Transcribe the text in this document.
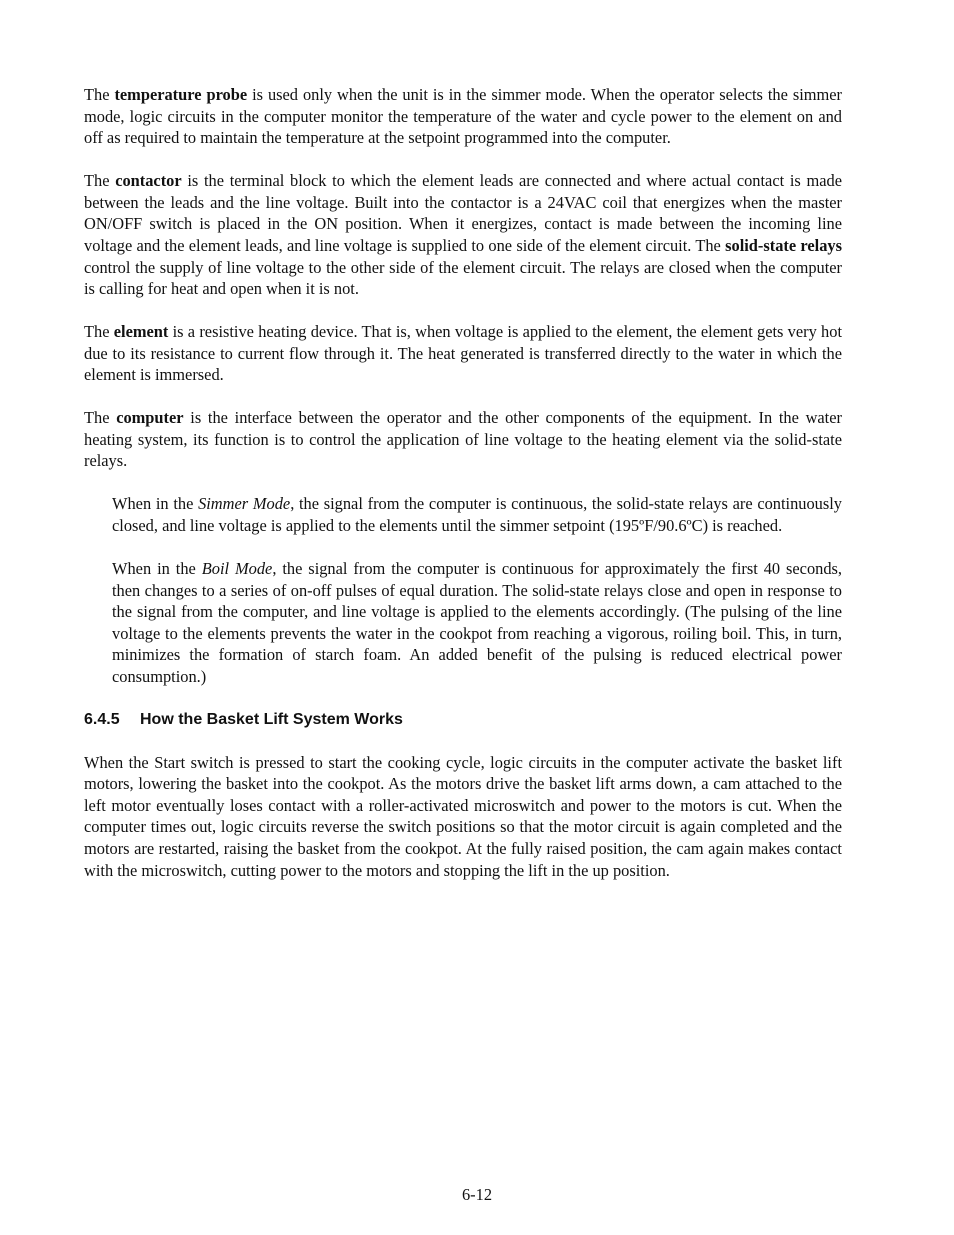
The temperature probe is used only when the unit is in the simmer mode. When the operator selects the simmer mode, logic circuits in the computer monitor the temperature of the water and cycle power to the element on and off as required to maintain the temperature at the setpoint programmed into the computer.

The contactor is the terminal block to which the element leads are connected and where actual contact is made between the leads and the line voltage. Built into the contactor is a 24VAC coil that energizes when the master ON/OFF switch is placed in the ON position. When it energizes, contact is made between the incoming line voltage and the element leads, and line voltage is supplied to one side of the element circuit. The solid-state relays control the supply of line voltage to the other side of the element circuit. The relays are closed when the computer is calling for heat and open when it is not.

The element is a resistive heating device. That is, when voltage is applied to the element, the element gets very hot due to its resistance to current flow through it. The heat generated is transferred directly to the water in which the element is immersed.

The computer is the interface between the operator and the other components of the equipment. In the water heating system, its function is to control the application of line voltage to the heating element via the solid-state relays.

When in the Simmer Mode, the signal from the computer is continuous, the solid-state relays are continuously closed, and line voltage is applied to the elements until the simmer setpoint (195ºF/90.6ºC) is reached.

When in the Boil Mode, the signal from the computer is continuous for approximately the first 40 seconds, then changes to a series of on-off pulses of equal duration. The solid-state relays close and open in response to the signal from the computer, and line voltage is applied to the elements accordingly. (The pulsing of the line voltage to the elements prevents the water in the cookpot from reaching a vigorous, roiling boil. This, in turn, minimizes the formation of starch foam. An added benefit of the pulsing is reduced electrical power consumption.)

6.4.5 How the Basket Lift System Works

When the Start switch is pressed to start the cooking cycle, logic circuits in the computer activate the basket lift motors, lowering the basket into the cookpot. As the motors drive the basket lift arms down, a cam attached to the left motor eventually loses contact with a roller-activated microswitch and power to the motors is cut. When the computer times out, logic circuits reverse the switch positions so that the motor circuit is again completed and the motors are restarted, raising the basket from the cookpot. At the fully raised position, the cam again makes contact with the microswitch, cutting power to the motors and stopping the lift in the up position.

6-12
